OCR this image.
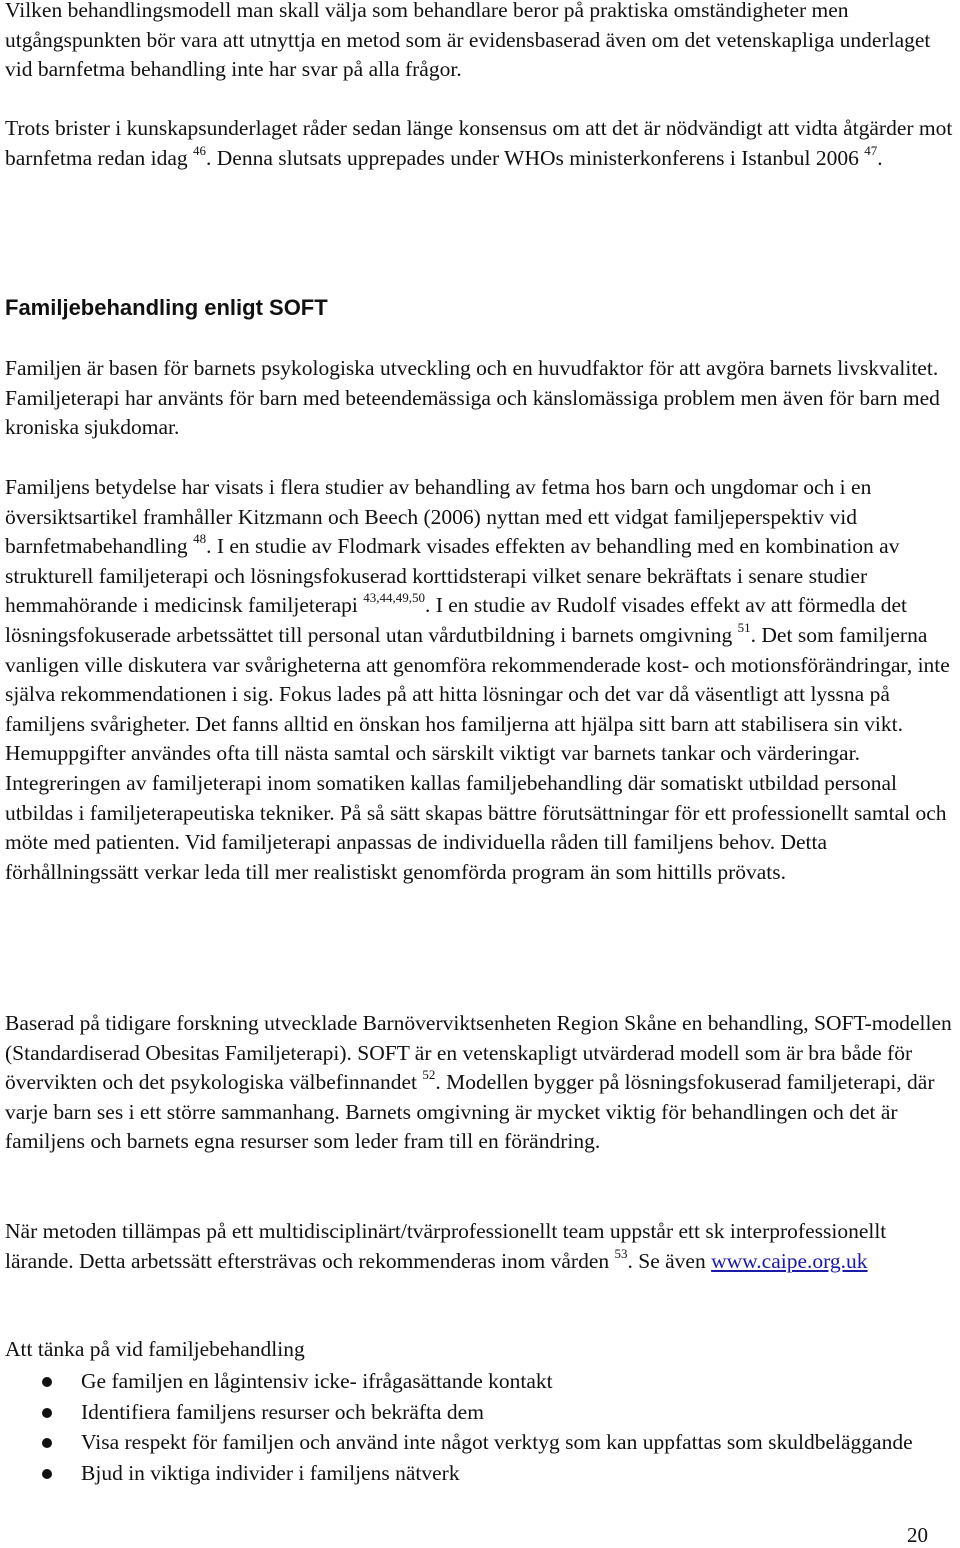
Vilken behandlingsmodell man skall välja som behandlare beror på praktiska omständigheter men utgångspunkten bör vara att utnyttja en metod som är evidensbaserad även om det vetenskapliga underlaget vid barnfetma behandling inte har svar på alla frågor.

Trots brister i kunskapsunderlaget råder sedan länge konsensus om att det är nödvändigt att vidta åtgärder mot barnfetma redan idag $^{46}$. Denna slutsats upprepades under WHOs ministerkonferens i Istanbul 2006 $^{47}$.

Familjebehandling enligt SOFT

Familjen är basen för barnets psykologiska utveckling och en huvudfaktor för att avgöra barnets livskvalitet. Familjeterapi har använts för barn med beteendemässiga och känslomässiga problem men även för barn med kroniska sjukdomar.

Familjens betydelse har visats i flera studier av behandling av fetma hos barn och ungdomar och i en översiktsartikel framhåller Kitzmann och Beech (2006) nyttan med ett vidgat familjeperspektiv vid barnfetmabehandling $^{48}$. I en studie av Flodmark visades effekten av behandling med en kombination av strukturell familjeterapi och lösningsfokuserad korttidsterapi vilket senare bekräftats i senare studier hemmahörande i medicinsk familjeterapi $^{43,44,49,50}$. I en studie av Rudolf visades effekt av att förmedla det lösningsfokuserade arbetssättet till personal utan vårdutbildning i barnets omgivning $^{51}$. Det som familjerna vanligen ville diskutera var svårigheterna att genomföra rekommenderade kost- och motionsförändringar, inte själva rekommendationen i sig. Fokus lades på att hitta lösningar och det var då väsentligt att lyssna på familjens svårigheter. Det fanns alltid en önskan hos familjerna att hjälpa sitt barn att stabilisera sin vikt. Hemuppgifter användes ofta till nästa samtal och särskilt viktigt var barnets tankar och värderingar. Integreringen av familjeterapi inom somatiken kallas familjebehandling där somatiskt utbildad personal utbildas i familjeterapeutiska tekniker. På så sätt skapas bättre förutsättningar för ett professionellt samtal och möte med patienten. Vid familjeterapi anpassas de individuella råden till familjens behov. Detta förhållningssätt verkar leda till mer realistiskt genomförda program än som hittills prövats.

Baserad på tidigare forskning utvecklade Barnöverviktsenheten Region Skåne en behandling, SOFT-modellen (Standardiserad Obesitas Familjeterapi). SOFT är en vetenskapligt utvärderad modell som är bra både för övervikten och det psykologiska välbefinnandet $^{52}$. Modellen bygger på lösningsfokuserad familjeterapi, där varje barn ses i ett större sammanhang. Barnets omgivning är mycket viktig för behandlingen och det är familjens och barnets egna resurser som leder fram till en förändring.

När metoden tillämpas på ett multidisciplinärt/tvärprofessionellt team uppstår ett sk interprofessionellt lärande. Detta arbetssätt eftersträvas och rekommenderas inom vården $^{53}$. Se även www.caipe.org.uk

Att tänka på vid familjebehandling

Ge familjen en lågintensiv icke- ifrågasättande kontakt
Identifiera familjens resurser och bekräfta dem
Visa respekt för familjen och använd inte något verktyg som kan uppfattas som skuldbeläggande
Bjud in viktiga individer i familjens nätverk
20
